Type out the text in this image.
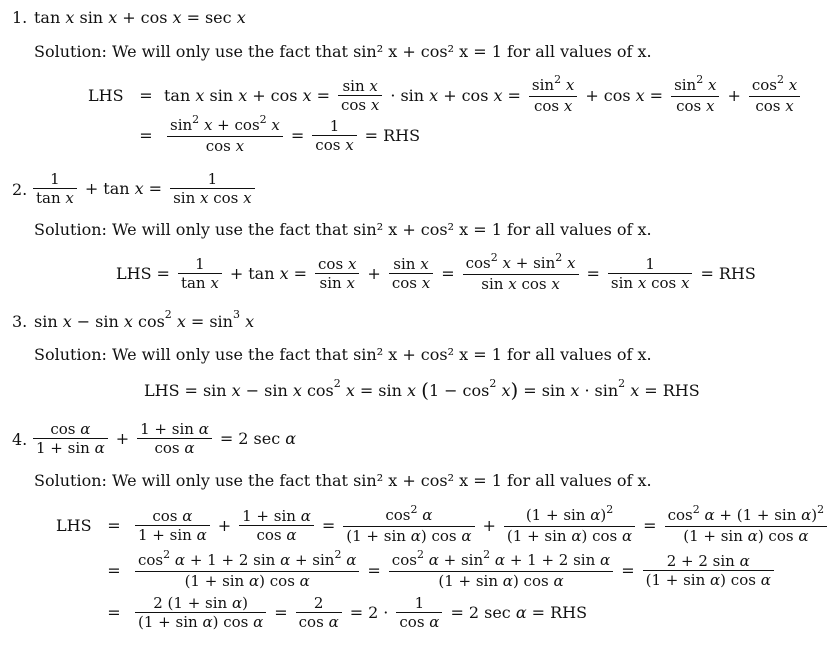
1. tan x sin x + cos x = sec x
Solution: We will only use the fact that sin² x + cos² x = 1 for all values of x.
LHS = tan x sin x + cos x = sin x
cos x · sin x + cos x =
$\sin^2 x$
cos x
+ cos x =
$\sin^2 x$
cos x
+
$\cos^2 x$
cos x
=
$\sin^2 x + \cos^2 x$
cos x
= 1
cos x = RHS
2.
1
tan x + tan x =	1
sin x cos x
Solution: We will only use the fact that sin² x + cos² x = 1 for all values of x.
LHS = 1
tan x + tan x = cos x
sin x + sin x
cos x =
$\cos^2 x + \sin^2 x$
sin x cos x
=	1
sin x cos x = RHS
3. sin x − sin x cos 2
x = sin 3
x
Solution: We will only use the fact that sin² x + cos² x = 1 for all values of x.
LHS = sin x − sin x cos 2
x = sin x
( 1 − cos 2
x ) = sin x · sin 2
x = RHS
4.
cos α
1 + sin α + 1 + sin α
cos α = 2 sec α
Solution: We will only use the fact that sin² x + cos² x = 1 for all values of x.
LHS =	cos α
1 + sin α + 1 + sin α
cos α =
$\cos^2 \alpha$
(1 + sin α) cos α
+
$(1 + \sin \alpha)^2$
(1 + sin α) cos α
=
$\cos^2 \alpha + (1 + \sin \alpha)^2$
(1 + sin α) cos α
=
$\cos^2 \alpha + 1 + 2$ $\sin \alpha + \sin^2 \alpha$
(1 + sin α) cos α
=
$\cos^2 \alpha + \sin^2 \alpha + 1 + 2$ sin α
(1 + sin α) cos α
= 2 + 2 sin α
(1 + sin α) cos α
=	2 (1 + sin α)
(1 + sin α) cos α = 2
cos α = 2 · 1
cos α = 2 sec α = RHS
